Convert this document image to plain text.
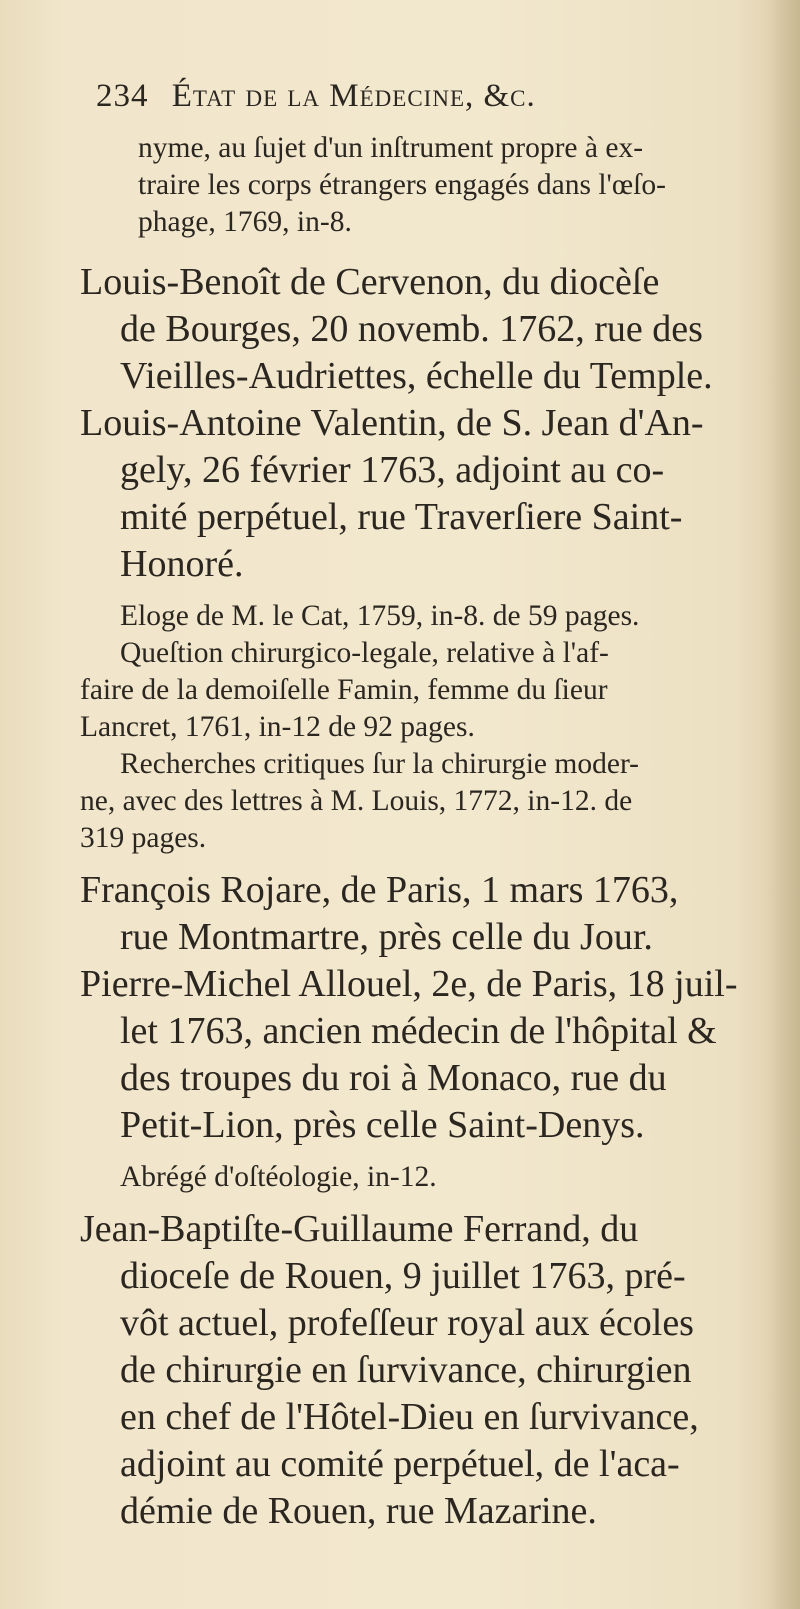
234 État de la Médecine, &c.
nyme, au ſujet d'un inſtrument propre à ex-
traire les corps étrangers engagés dans l'œſo-
phage, 1769, in-8.
Louis-Benoît de Cervenon, du diocèſe
de Bourges, 20 novemb. 1762, rue des
Vieilles-Audriettes, échelle du Temple.
Louis-Antoine Valentin, de S. Jean d'An-
gely, 26 février 1763, adjoint au co-
mité perpétuel, rue Traverſiere Saint-
Honoré.
Eloge de M. le Cat, 1759, in-8. de 59 pages.
Queſtion chirurgico-legale, relative à l'af-
faire de la demoiſelle Famin, femme du ſieur
Lancret, 1761, in-12 de 92 pages.
Recherches critiques ſur la chirurgie moder-
ne, avec des lettres à M. Louis, 1772, in-12. de
319 pages.
François Rojare, de Paris, 1 mars 1763,
rue Montmartre, près celle du Jour.
Pierre-Michel Allouel, 2e, de Paris, 18 juil-
let 1763, ancien médecin de l'hôpital &
des troupes du roi à Monaco, rue du
Petit-Lion, près celle Saint-Denys.
Abrégé d'oſtéologie, in-12.
Jean-Baptiſte-Guillaume Ferrand, du
dioceſe de Rouen, 9 juillet 1763, pré-
vôt actuel, profeſſeur royal aux écoles
de chirurgie en ſurvivance, chirurgien
en chef de l'Hôtel-Dieu en ſurvivance,
adjoint au comité perpétuel, de l'aca-
démie de Rouen, rue Mazarine.
